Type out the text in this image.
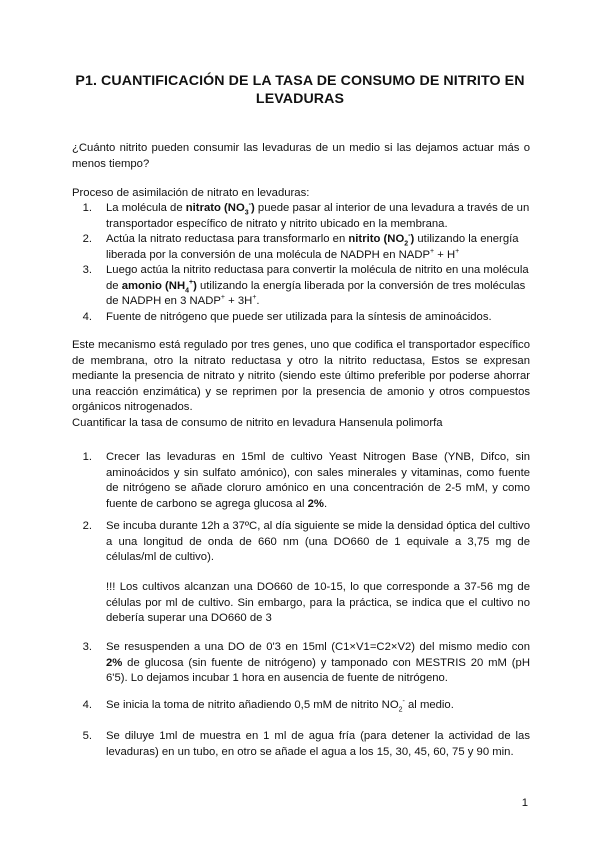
P1. CUANTIFICACIÓN DE LA TASA DE CONSUMO DE NITRITO EN LEVADURAS

¿Cuánto nitrito pueden consumir las levaduras de un medio si las dejamos actuar más o menos tiempo?

Proceso de asimilación de nitrato en levaduras:

1. La molécula de nitrato $(NO_3^-)$ puede pasar al interior de una levadura a través de un transportador específico de nitrato y nitrito ubicado en la membrana.
2. Actúa la nitrato reductasa para transformarlo en nitrito $(NO_2^-)$ utilizando la energía liberada por la conversión de una molécula de NADPH en NADP+ + H+
3. Luego actúa la nitrito reductasa para convertir la molécula de nitrito en una molécula de amonio $(NH_4^+)$ utilizando la energía liberada por la conversión de tres moléculas de NADPH en 3 NADP+ + 3H+.
4. Fuente de nitrógeno que puede ser utilizada para la síntesis de aminoácidos.

Este mecanismo está regulado por tres genes, uno que codifica el transportador específico de membrana, otro la nitrato reductasa y otro la nitrito reductasa, Estos se expresan mediante la presencia de nitrato y nitrito (siendo este último preferible por poderse ahorrar una reacción enzimática) y se reprimen por la presencia de amonio y otros compuestos orgánicos nitrogenados.

Cuantificar la tasa de consumo de nitrito en levadura Hansenula polimorfa

1. Crecer las levaduras en 15ml de cultivo Yeast Nitrogen Base (YNB, Difco, sin aminoácidos y sin sulfato amónico), con sales minerales y vitaminas, como fuente de nitrógeno se añade cloruro amónico en una concentración de 2-5 mM, y como fuente de carbono se agrega glucosa al 2%.
2. Se incuba durante 12h a 37ºC, al día siguiente se mide la densidad óptica del cultivo a una longitud de onda de 660 nm (una DO660 de 1 equivale a 3,75 mg de células/ml de cultivo).
!!! Los cultivos alcanzan una DO660 de 10-15, lo que corresponde a 37-56 mg de células por ml de cultivo. Sin embargo, para la práctica, se indica que el cultivo no debería superar una DO660 de 3
3. Se resuspenden a una DO de 0'3 en 15ml (C1×V1=C2×V2) del mismo medio con 2% de glucosa (sin fuente de nitrógeno) y tamponado con MESTRIS 20 mM (pH 6'5). Lo dejamos incubar 1 hora en ausencia de fuente de nitrógeno.
4. Se inicia la toma de nitrito añadiendo 0,5 mM de nitrito $NO_2^-$ al medio.
5. Se diluye 1ml de muestra en 1 ml de agua fría (para detener la actividad de las levaduras) en un tubo, en otro se añade el agua a los 15, 30, 45, 60, 75 y 90 min.
1
